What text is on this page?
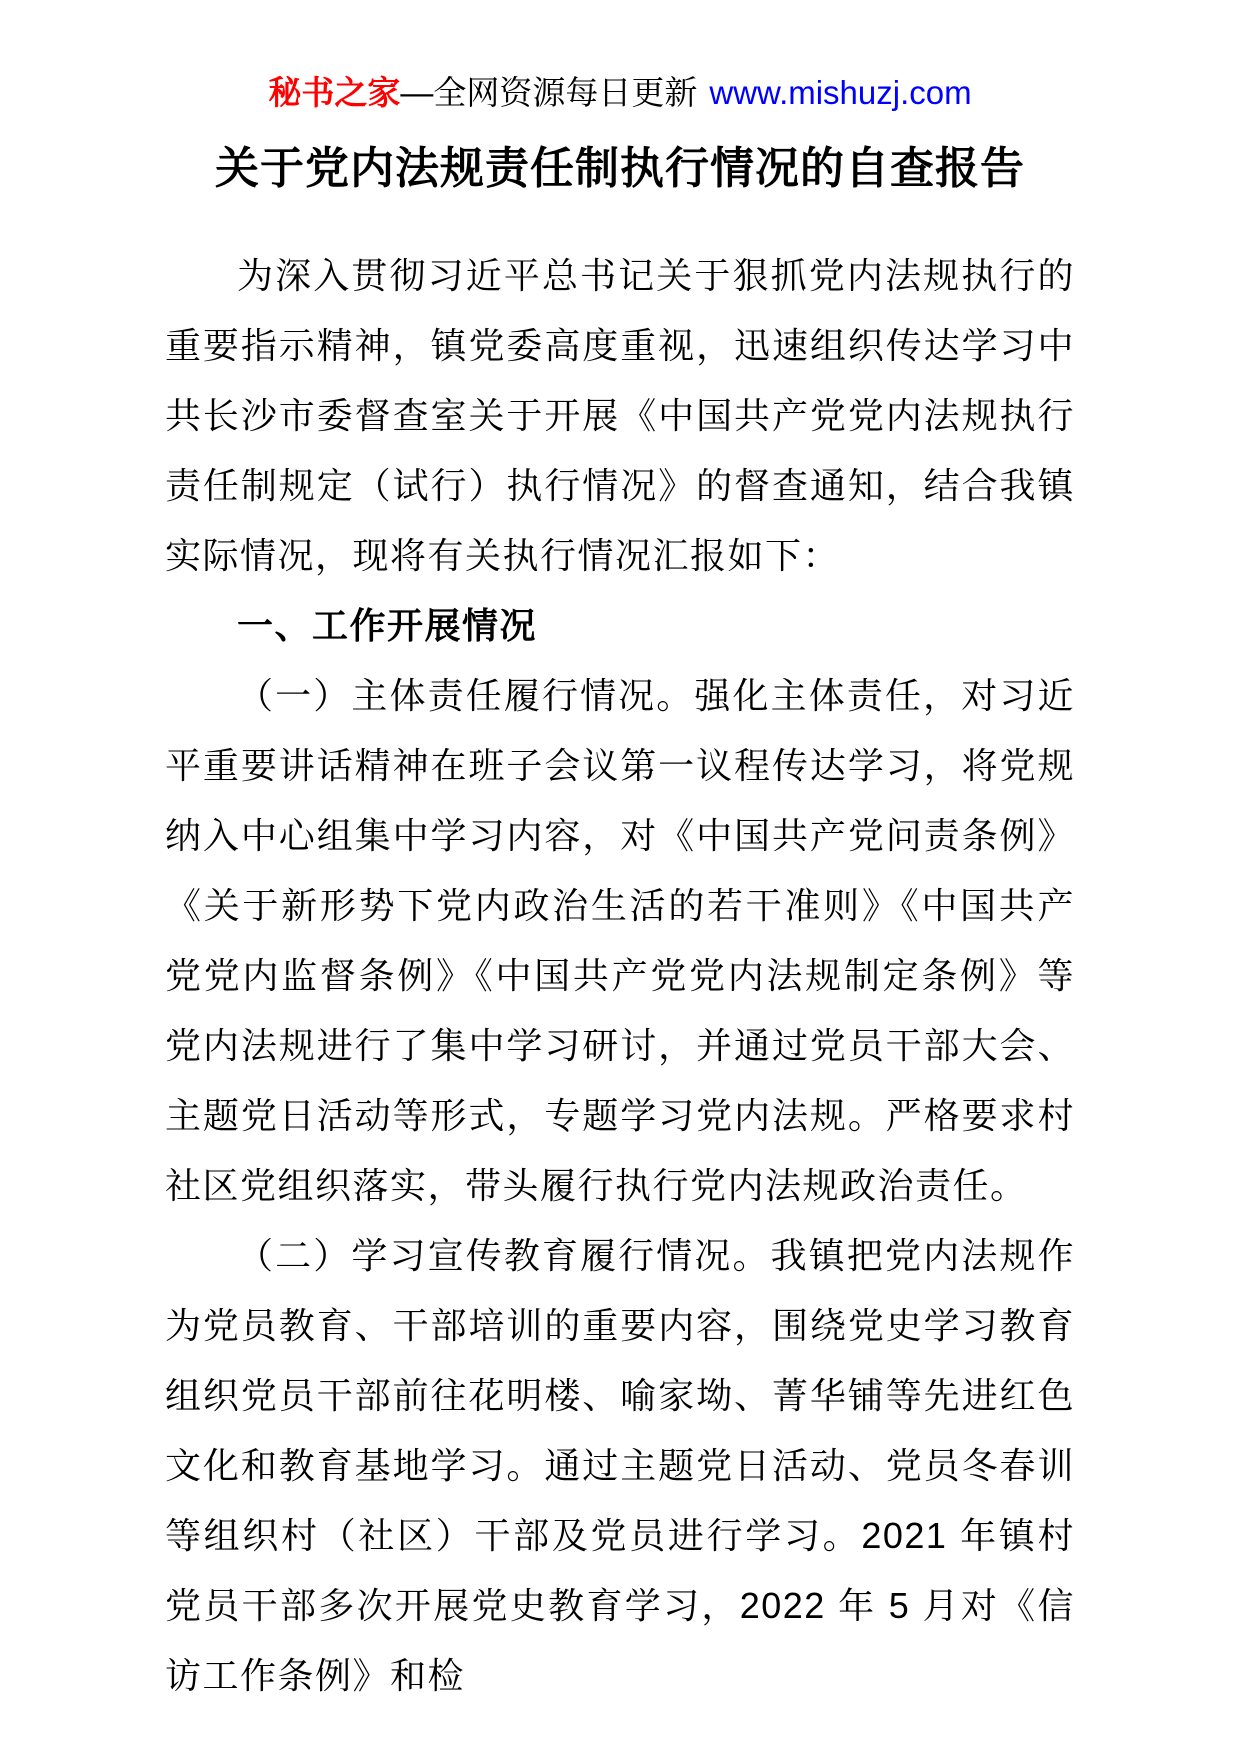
秘书之家—全网资源每日更新 www.mishuzj.com
关于党内法规责任制执行情况的自查报告

为深入贯彻习近平总书记关于狠抓党内法规执行的重要指示精神，镇党委高度重视，迅速组织传达学习中共长沙市委督查室关于开展《中国共产党党内法规执行责任制规定（试行）执行情况》的督查通知，结合我镇实际情况，现将有关执行情况汇报如下：

一、工作开展情况

（一）主体责任履行情况。强化主体责任，对习近平重要讲话精神在班子会议第一议程传达学习，将党规纳入中心组集中学习内容，对《中国共产党问责条例》《关于新形势下党内政治生活的若干准则》《中国共产党党内监督条例》《中国共产党党内法规制定条例》等党内法规进行了集中学习研讨，并通过党员干部大会、主题党日活动等形式，专题学习党内法规。严格要求村社区党组织落实，带头履行执行党内法规政治责任。

（二）学习宣传教育履行情况。我镇把党内法规作为党员教育、干部培训的重要内容，围绕党史学习教育组织党员干部前往花明楼、喻家坳、菁华铺等先进红色文化和教育基地学习。通过主题党日活动、党员冬春训等组织村（社区）干部及党员进行学习。2021 年镇村党员干部多次开展党史教育学习，2022 年 5 月对《信访工作条例》和检
